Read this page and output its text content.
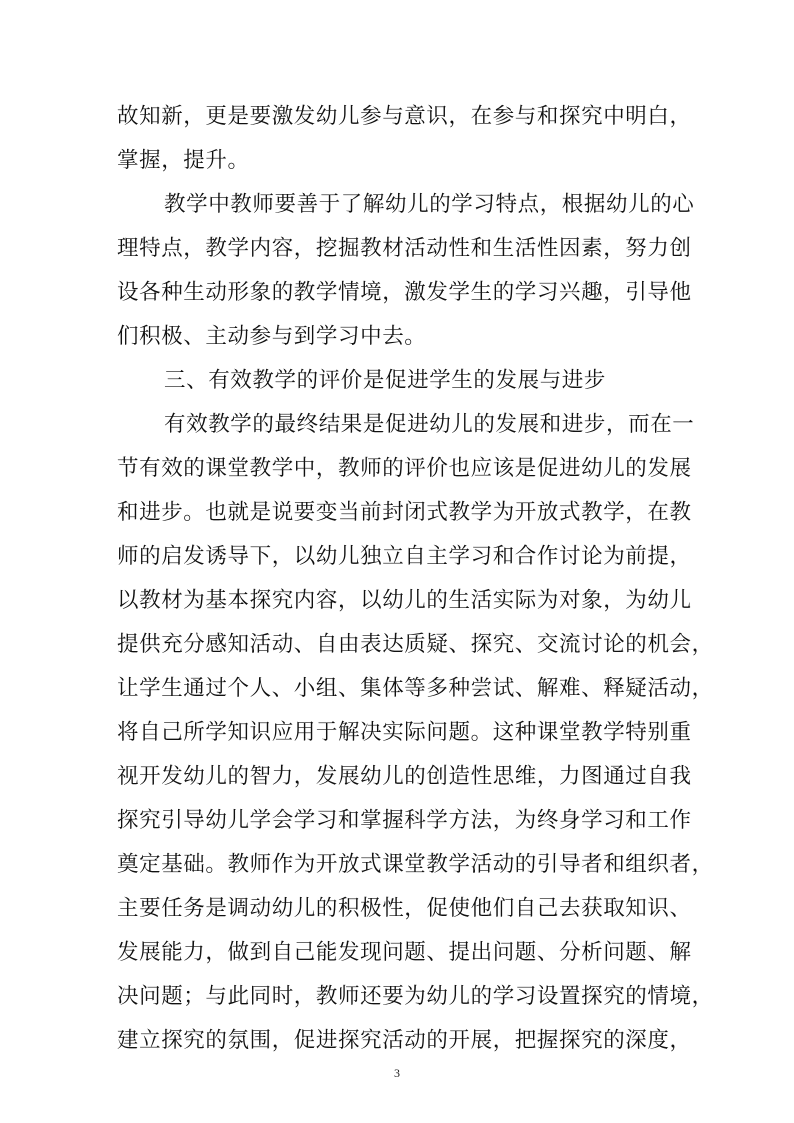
故知新，更是要激发幼儿参与意识，在参与和探究中明白，
掌握，提升。
教学中教师要善于了解幼儿的学习特点，根据幼儿的心
理特点，教学内容，挖掘教材活动性和生活性因素，努力创
设各种生动形象的教学情境，激发学生的学习兴趣，引导他
们积极、主动参与到学习中去。
三、有效教学的评价是促进学生的发展与进步
有效教学的最终结果是促进幼儿的发展和进步，而在一
节有效的课堂教学中，教师的评价也应该是促进幼儿的发展
和进步。也就是说要变当前封闭式教学为开放式教学，在教
师的启发诱导下，以幼儿独立自主学习和合作讨论为前提，
以教材为基本探究内容，以幼儿的生活实际为对象，为幼儿
提供充分感知活动、自由表达质疑、探究、交流讨论的机会，
让学生通过个人、小组、集体等多种尝试、解难、释疑活动，
将自己所学知识应用于解决实际问题。这种课堂教学特别重
视开发幼儿的智力，发展幼儿的创造性思维，力图通过自我
探究引导幼儿学会学习和掌握科学方法，为终身学习和工作
奠定基础。教师作为开放式课堂教学活动的引导者和组织者，
主要任务是调动幼儿的积极性，促使他们自己去获取知识、
发展能力，做到自己能发现问题、提出问题、分析问题、解
决问题；与此同时，教师还要为幼儿的学习设置探究的情境，
建立探究的氛围，促进探究活动的开展，把握探究的深度，
3
